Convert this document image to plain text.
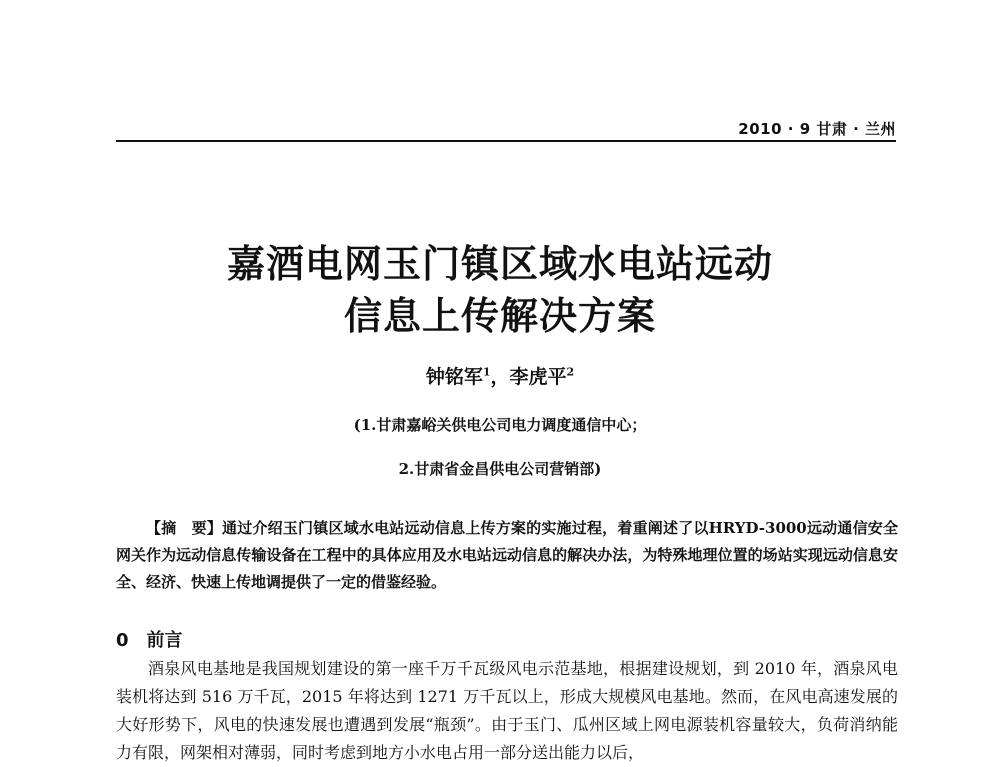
2010 · 9 甘肃 · 兰州
嘉酒电网玉门镇区域水电站远动
信息上传解决方案
钟铭军$^1$，李虎平$^2$
(1.甘肃嘉峪关供电公司电力调度通信中心；
2.甘肃省金昌供电公司营销部)
【摘　要】通过介绍玉门镇区域水电站远动信息上传方案的实施过程，着重阐述了以HRYD-3000远动通信安全网关作为远动信息传输设备在工程中的具体应用及水电站远动信息的解决办法，为特殊地理位置的场站实现远动信息安全、经济、快速上传地调提供了一定的借鉴经验。
0 前言
酒泉风电基地是我国规划建设的第一座千万千瓦级风电示范基地，根据建设规划，到 2010 年，酒泉风电装机将达到 516 万千瓦，2015 年将达到 1271 万千瓦以上，形成大规模风电基地。然而，在风电高速发展的大好形势下，风电的快速发展也遭遇到发展“瓶颈”。由于玉门、瓜州区域上网电源装机容量较大，负荷消纳能力有限，网架相对薄弱，同时考虑到地方小水电占用一部分送出能力以后，
